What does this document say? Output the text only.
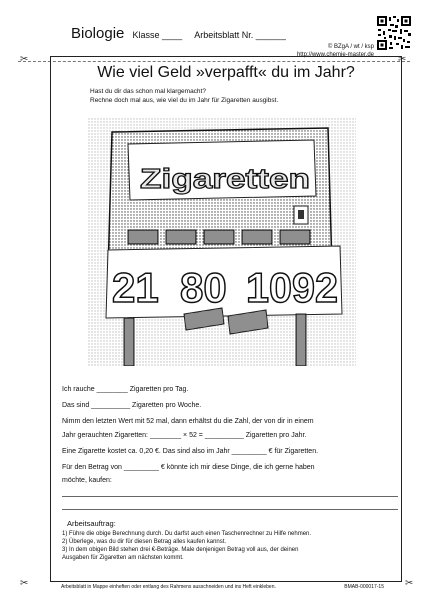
Biologie Klasse ____ Arbeitsblatt Nr. ______
© BZgA / wt / ksp
http://www.chemie-master.de
✂	✂
✂	✂
Wie viel Geld »verpafft« du im Jahr?
Hast du dir das schon mal klargemacht?
Rechne doch mal aus, wie viel du im Jahr für Zigaretten ausgibst.
Zigaretten
21 80 1092
Ich rauche ________ Zigaretten pro Tag.
Das sind __________ Zigaretten pro Woche.
Nimm den letzten Wert mit 52 mal, dann erhältst du die Zahl, der von dir in einem
Jahr gerauchten Zigaretten: ________ × 52 = __________ Zigaretten pro Jahr.
Eine Zigarette kostet ca. 0,20 €. Das sind also im Jahr _________ € für Zigaretten.
Für den Betrag von _________ € könnte ich mir diese Dinge, die ich gerne haben
möchte, kaufen:
Arbeitsauftrag:
1) Führe die obige Berechnung durch. Du darfst auch einen Taschenrechner zu Hilfe nehmen.
2) Überlege, was du dir für diesen Betrag alles kaufen kannst.
3) In dem obigen Bild stehen drei €-Beträge. Male denjenigen Betrag voll aus, der deinen
Ausgaben für Zigaretten am nächsten kommt.
Arbeitsblatt in Mappe einheften oder entlang des Rahmens ausschneiden und ins Heft einkleben.	BMAB-000017-15
